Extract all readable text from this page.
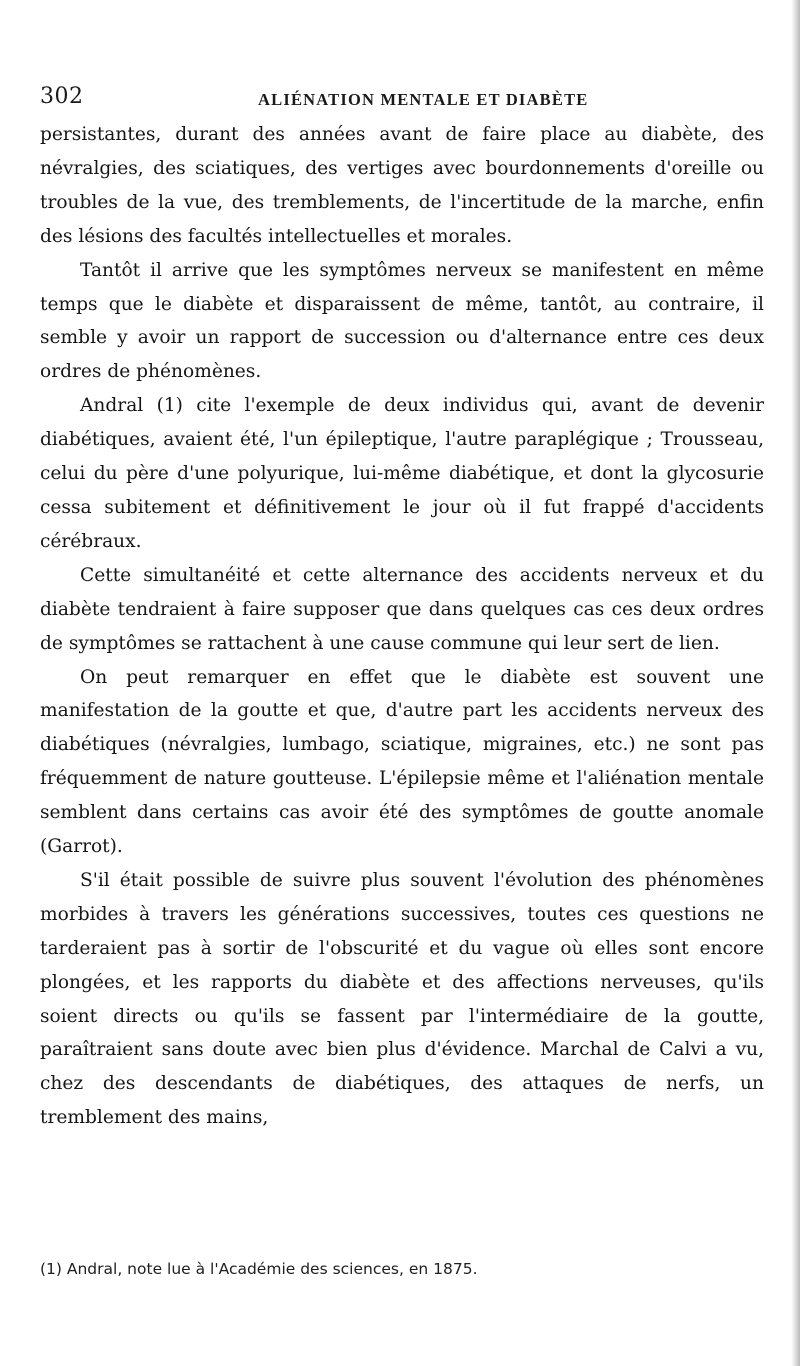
302	ALIÉNATION MENTALE ET DIABÈTE

persistantes, durant des années avant de faire place au diabète, des névralgies, des sciatiques, des vertiges avec bourdonnements d'oreille ou troubles de la vue, des tremblements, de l'incertitude de la marche, enfin des lésions des facultés intellectuelles et morales.

Tantôt il arrive que les symptômes nerveux se manifestent en même temps que le diabète et disparaissent de même, tantôt, au contraire, il semble y avoir un rapport de succession ou d'alternance entre ces deux ordres de phénomènes.

Andral (1) cite l'exemple de deux individus qui, avant de devenir diabétiques, avaient été, l'un épileptique, l'autre paraplégique ; Trousseau, celui du père d'une polyurique, lui-même diabétique, et dont la glycosurie cessa subitement et définitivement le jour où il fut frappé d'accidents cérébraux.

Cette simultanéité et cette alternance des accidents nerveux et du diabète tendraient à faire supposer que dans quelques cas ces deux ordres de symptômes se rattachent à une cause commune qui leur sert de lien.

On peut remarquer en effet que le diabète est souvent une manifestation de la goutte et que, d'autre part les accidents nerveux des diabétiques (névralgies, lumbago, sciatique, migraines, etc.) ne sont pas fréquemment de nature goutteuse. L'épilepsie même et l'aliénation mentale semblent dans certains cas avoir été des symptômes de goutte anomale (Garrot).

S'il était possible de suivre plus souvent l'évolution des phénomènes morbides à travers les générations successives, toutes ces questions ne tarderaient pas à sortir de l'obscurité et du vague où elles sont encore plongées, et les rapports du diabète et des affections nerveuses, qu'ils soient directs ou qu'ils se fassent par l'intermédiaire de la goutte, paraîtraient sans doute avec bien plus d'évidence. Marchal de Calvi a vu, chez des descendants de diabétiques, des attaques de nerfs, un tremblement des mains,

(1) Andral, note lue à l'Académie des sciences, en 1875.
